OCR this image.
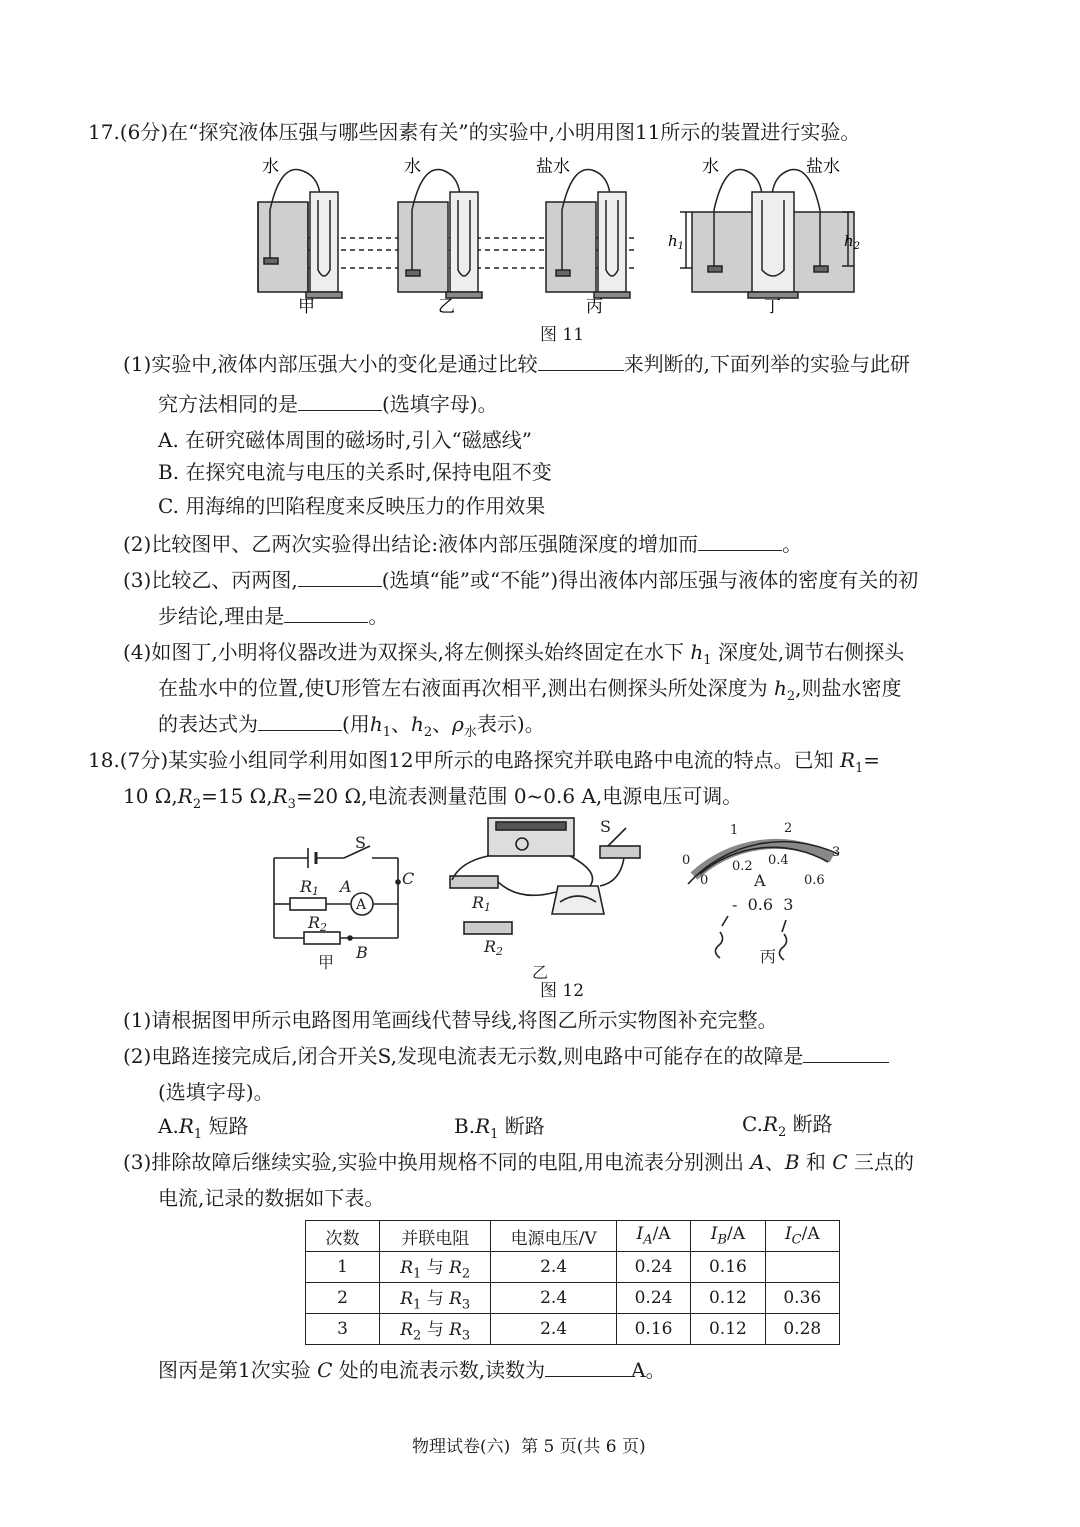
17.(6分)在“探究液体压强与哪些因素有关”的实验中,小明用图11所示的装置进行实验。
水	水	盐水	水	盐水
$h_1$	$h_2$
甲	乙	丙	丁
图 11
(1)实验中,液体内部压强大小的变化是通过比较	来判断的,下面列举的实验与此研
究方法相同的是	(选填字母)。
A. 在研究磁体周围的磁场时,引入“磁感线”
B. 在探究电流与电压的关系时,保持电阻不变
C. 用海绵的凹陷程度来反映压力的作用效果
(2)比较图甲、乙两次实验得出结论:液体内部压强随深度的增加而	。
(3)比较乙、丙两图,	(选填“能”或“不能”)得出液体内部压强与液体的密度有关的初
步结论,理由是	。
(4)如图丁,小明将仪器改进为双探头,将左侧探头始终固定在水下 $h_1$ 深度处,调节右侧探头
在盐水中的位置,使U形管左右液面再次相平,测出右侧探头所处深度为 $h_2$,则盐水密度
的表达式为	(用$h_1$、$h_2$、$\rho_水$表示)。
18.(7分)某实验小组同学利用如图12甲所示的电路探究并联电路中电流的特点。已知 $R_1=$
10 $\Omega,R_2=15$ $\Omega,R_3=20$ Ω,电流表测量范围 0~0.6 A,电源电压可调。
S
C
A
B
R1
R2
A
S
R1
R2
0
1	2
3
0.2 0.4
0.6
0	A
-  0.6  3
甲
乙
丙
图 12
(1)请根据图甲所示电路图用笔画线代替导线,将图乙所示实物图补充完整。
(2)电路连接完成后,闭合开关S,发现电流表无示数,则电路中可能存在的故障是
(选填字母)。
$A.R_1$ 短路	$B.R_1$ 断路	$C.R_2$ 断路
(3)排除故障后继续实验,实验中换用规格不同的电阻,用电流表分别测出 A、B 和 C 三点的
电流,记录的数据如下表。
次数	并联电阻	电源电压/V	$I_A/A$	$I_B/A$	$I_C/A$
1	$R_1$ 与 $R_2$	2.4	0.24	0.16	
2	$R_1$ 与 $R_3$	2.4	0.24	0.12	0.36
3	$R_2$ 与 $R_3$	2.4	0.16	0.12	0.28
图丙是第1次实验 C 处的电流表示数,读数为	A。
物理试卷(六)  第 5 页(共 6 页)
